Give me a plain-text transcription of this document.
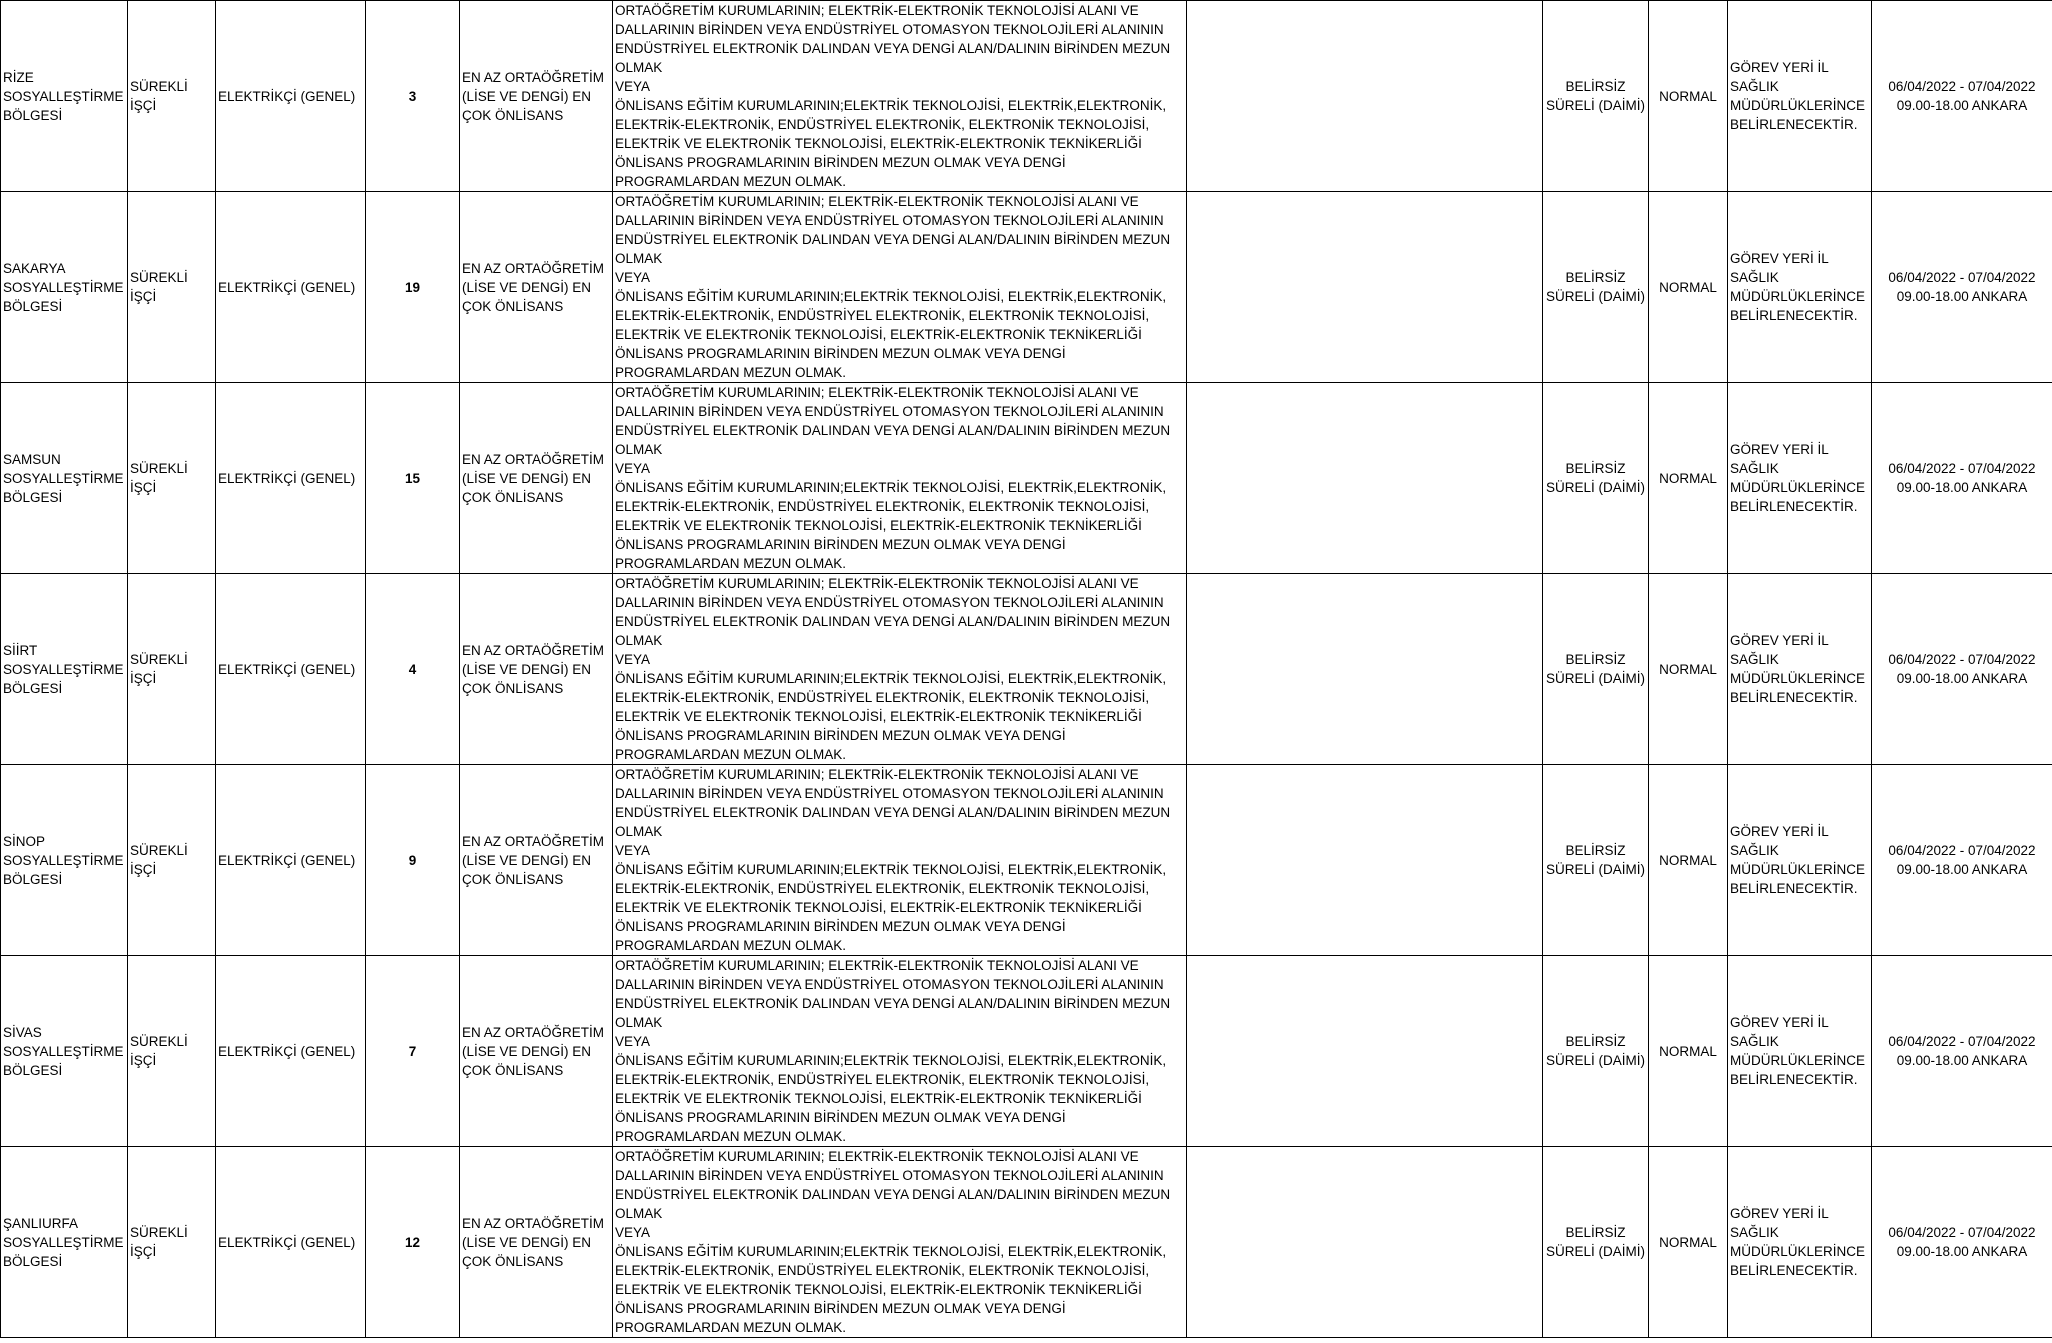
RİZE SOSYALLEŞTİRME BÖLGESİ	SÜREKLİ İŞÇİ	ELEKTRİKÇİ (GENEL)	3	EN AZ ORTAÖĞRETİM (LİSE VE DENGİ) EN ÇOK ÖNLİSANS	ORTAÖĞRETİM KURUMLARININ; ELEKTRİK-ELEKTRONİK TEKNOLOJİSİ ALANI VE DALLARININ BİRİNDEN VEYA ENDÜSTRİYEL OTOMASYON TEKNOLOJİLERİ ALANININ ENDÜSTRİYEL ELEKTRONİK DALINDAN VEYA DENGİ ALAN/DALININ BİRİNDEN MEZUN OLMAK
VEYA
ÖNLİSANS EĞİTİM KURUMLARININ;ELEKTRİK TEKNOLOJİSİ, ELEKTRİK,ELEKTRONİK, ELEKTRİK-ELEKTRONİK, ENDÜSTRİYEL ELEKTRONİK, ELEKTRONİK TEKNOLOJİSİ, ELEKTRİK VE ELEKTRONİK TEKNOLOJİSİ, ELEKTRİK-ELEKTRONİK TEKNİKERLİĞİ ÖNLİSANS PROGRAMLARININ BİRİNDEN MEZUN OLMAK VEYA DENGİ PROGRAMLARDAN MEZUN OLMAK.		BELİRSİZ SÜRELİ (DAİMİ)	NORMAL	GÖREV YERİ İL SAĞLIK MÜDÜRLÜKLERİNCE BELİRLENECEKTİR.	06/04/2022 - 07/04/2022 09.00-18.00 ANKARA
SAKARYA SOSYALLEŞTİRME BÖLGESİ	SÜREKLİ İŞÇİ	ELEKTRİKÇİ (GENEL)	19	EN AZ ORTAÖĞRETİM (LİSE VE DENGİ) EN ÇOK ÖNLİSANS	ORTAÖĞRETİM KURUMLARININ; ELEKTRİK-ELEKTRONİK TEKNOLOJİSİ ALANI VE DALLARININ BİRİNDEN VEYA ENDÜSTRİYEL OTOMASYON TEKNOLOJİLERİ ALANININ ENDÜSTRİYEL ELEKTRONİK DALINDAN VEYA DENGİ ALAN/DALININ BİRİNDEN MEZUN OLMAK
VEYA
ÖNLİSANS EĞİTİM KURUMLARININ;ELEKTRİK TEKNOLOJİSİ, ELEKTRİK,ELEKTRONİK, ELEKTRİK-ELEKTRONİK, ENDÜSTRİYEL ELEKTRONİK, ELEKTRONİK TEKNOLOJİSİ, ELEKTRİK VE ELEKTRONİK TEKNOLOJİSİ, ELEKTRİK-ELEKTRONİK TEKNİKERLİĞİ ÖNLİSANS PROGRAMLARININ BİRİNDEN MEZUN OLMAK VEYA DENGİ PROGRAMLARDAN MEZUN OLMAK.		BELİRSİZ SÜRELİ (DAİMİ)	NORMAL	GÖREV YERİ İL SAĞLIK MÜDÜRLÜKLERİNCE BELİRLENECEKTİR.	06/04/2022 - 07/04/2022 09.00-18.00 ANKARA
SAMSUN SOSYALLEŞTİRME BÖLGESİ	SÜREKLİ İŞÇİ	ELEKTRİKÇİ (GENEL)	15	EN AZ ORTAÖĞRETİM (LİSE VE DENGİ) EN ÇOK ÖNLİSANS	ORTAÖĞRETİM KURUMLARININ; ELEKTRİK-ELEKTRONİK TEKNOLOJİSİ ALANI VE DALLARININ BİRİNDEN VEYA ENDÜSTRİYEL OTOMASYON TEKNOLOJİLERİ ALANININ ENDÜSTRİYEL ELEKTRONİK DALINDAN VEYA DENGİ ALAN/DALININ BİRİNDEN MEZUN OLMAK
VEYA
ÖNLİSANS EĞİTİM KURUMLARININ;ELEKTRİK TEKNOLOJİSİ, ELEKTRİK,ELEKTRONİK, ELEKTRİK-ELEKTRONİK, ENDÜSTRİYEL ELEKTRONİK, ELEKTRONİK TEKNOLOJİSİ, ELEKTRİK VE ELEKTRONİK TEKNOLOJİSİ, ELEKTRİK-ELEKTRONİK TEKNİKERLİĞİ ÖNLİSANS PROGRAMLARININ BİRİNDEN MEZUN OLMAK VEYA DENGİ PROGRAMLARDAN MEZUN OLMAK.		BELİRSİZ SÜRELİ (DAİMİ)	NORMAL	GÖREV YERİ İL SAĞLIK MÜDÜRLÜKLERİNCE BELİRLENECEKTİR.	06/04/2022 - 07/04/2022 09.00-18.00 ANKARA
SİİRT SOSYALLEŞTİRME BÖLGESİ	SÜREKLİ İŞÇİ	ELEKTRİKÇİ (GENEL)	4	EN AZ ORTAÖĞRETİM (LİSE VE DENGİ) EN ÇOK ÖNLİSANS	ORTAÖĞRETİM KURUMLARININ; ELEKTRİK-ELEKTRONİK TEKNOLOJİSİ ALANI VE DALLARININ BİRİNDEN VEYA ENDÜSTRİYEL OTOMASYON TEKNOLOJİLERİ ALANININ ENDÜSTRİYEL ELEKTRONİK DALINDAN VEYA DENGİ ALAN/DALININ BİRİNDEN MEZUN OLMAK
VEYA
ÖNLİSANS EĞİTİM KURUMLARININ;ELEKTRİK TEKNOLOJİSİ, ELEKTRİK,ELEKTRONİK, ELEKTRİK-ELEKTRONİK, ENDÜSTRİYEL ELEKTRONİK, ELEKTRONİK TEKNOLOJİSİ, ELEKTRİK VE ELEKTRONİK TEKNOLOJİSİ, ELEKTRİK-ELEKTRONİK TEKNİKERLİĞİ ÖNLİSANS PROGRAMLARININ BİRİNDEN MEZUN OLMAK VEYA DENGİ PROGRAMLARDAN MEZUN OLMAK.		BELİRSİZ SÜRELİ (DAİMİ)	NORMAL	GÖREV YERİ İL SAĞLIK MÜDÜRLÜKLERİNCE BELİRLENECEKTİR.	06/04/2022 - 07/04/2022 09.00-18.00 ANKARA
SİNOP SOSYALLEŞTİRME BÖLGESİ	SÜREKLİ İŞÇİ	ELEKTRİKÇİ (GENEL)	9	EN AZ ORTAÖĞRETİM (LİSE VE DENGİ) EN ÇOK ÖNLİSANS	ORTAÖĞRETİM KURUMLARININ; ELEKTRİK-ELEKTRONİK TEKNOLOJİSİ ALANI VE DALLARININ BİRİNDEN VEYA ENDÜSTRİYEL OTOMASYON TEKNOLOJİLERİ ALANININ ENDÜSTRİYEL ELEKTRONİK DALINDAN VEYA DENGİ ALAN/DALININ BİRİNDEN MEZUN OLMAK
VEYA
ÖNLİSANS EĞİTİM KURUMLARININ;ELEKTRİK TEKNOLOJİSİ, ELEKTRİK,ELEKTRONİK, ELEKTRİK-ELEKTRONİK, ENDÜSTRİYEL ELEKTRONİK, ELEKTRONİK TEKNOLOJİSİ, ELEKTRİK VE ELEKTRONİK TEKNOLOJİSİ, ELEKTRİK-ELEKTRONİK TEKNİKERLİĞİ ÖNLİSANS PROGRAMLARININ BİRİNDEN MEZUN OLMAK VEYA DENGİ PROGRAMLARDAN MEZUN OLMAK.		BELİRSİZ SÜRELİ (DAİMİ)	NORMAL	GÖREV YERİ İL SAĞLIK MÜDÜRLÜKLERİNCE BELİRLENECEKTİR.	06/04/2022 - 07/04/2022 09.00-18.00 ANKARA
SİVAS SOSYALLEŞTİRME BÖLGESİ	SÜREKLİ İŞÇİ	ELEKTRİKÇİ (GENEL)	7	EN AZ ORTAÖĞRETİM (LİSE VE DENGİ) EN ÇOK ÖNLİSANS	ORTAÖĞRETİM KURUMLARININ; ELEKTRİK-ELEKTRONİK TEKNOLOJİSİ ALANI VE DALLARININ BİRİNDEN VEYA ENDÜSTRİYEL OTOMASYON TEKNOLOJİLERİ ALANININ ENDÜSTRİYEL ELEKTRONİK DALINDAN VEYA DENGİ ALAN/DALININ BİRİNDEN MEZUN OLMAK
VEYA
ÖNLİSANS EĞİTİM KURUMLARININ;ELEKTRİK TEKNOLOJİSİ, ELEKTRİK,ELEKTRONİK, ELEKTRİK-ELEKTRONİK, ENDÜSTRİYEL ELEKTRONİK, ELEKTRONİK TEKNOLOJİSİ, ELEKTRİK VE ELEKTRONİK TEKNOLOJİSİ, ELEKTRİK-ELEKTRONİK TEKNİKERLİĞİ ÖNLİSANS PROGRAMLARININ BİRİNDEN MEZUN OLMAK VEYA DENGİ PROGRAMLARDAN MEZUN OLMAK.		BELİRSİZ SÜRELİ (DAİMİ)	NORMAL	GÖREV YERİ İL SAĞLIK MÜDÜRLÜKLERİNCE BELİRLENECEKTİR.	06/04/2022 - 07/04/2022 09.00-18.00 ANKARA
ŞANLIURFA SOSYALLEŞTİRME BÖLGESİ	SÜREKLİ İŞÇİ	ELEKTRİKÇİ (GENEL)	12	EN AZ ORTAÖĞRETİM (LİSE VE DENGİ) EN ÇOK ÖNLİSANS	ORTAÖĞRETİM KURUMLARININ; ELEKTRİK-ELEKTRONİK TEKNOLOJİSİ ALANI VE DALLARININ BİRİNDEN VEYA ENDÜSTRİYEL OTOMASYON TEKNOLOJİLERİ ALANININ ENDÜSTRİYEL ELEKTRONİK DALINDAN VEYA DENGİ ALAN/DALININ BİRİNDEN MEZUN OLMAK
VEYA
ÖNLİSANS EĞİTİM KURUMLARININ;ELEKTRİK TEKNOLOJİSİ, ELEKTRİK,ELEKTRONİK, ELEKTRİK-ELEKTRONİK, ENDÜSTRİYEL ELEKTRONİK, ELEKTRONİK TEKNOLOJİSİ, ELEKTRİK VE ELEKTRONİK TEKNOLOJİSİ, ELEKTRİK-ELEKTRONİK TEKNİKERLİĞİ ÖNLİSANS PROGRAMLARININ BİRİNDEN MEZUN OLMAK VEYA DENGİ PROGRAMLARDAN MEZUN OLMAK.		BELİRSİZ SÜRELİ (DAİMİ)	NORMAL	GÖREV YERİ İL SAĞLIK MÜDÜRLÜKLERİNCE BELİRLENECEKTİR.	06/04/2022 - 07/04/2022 09.00-18.00 ANKARA
